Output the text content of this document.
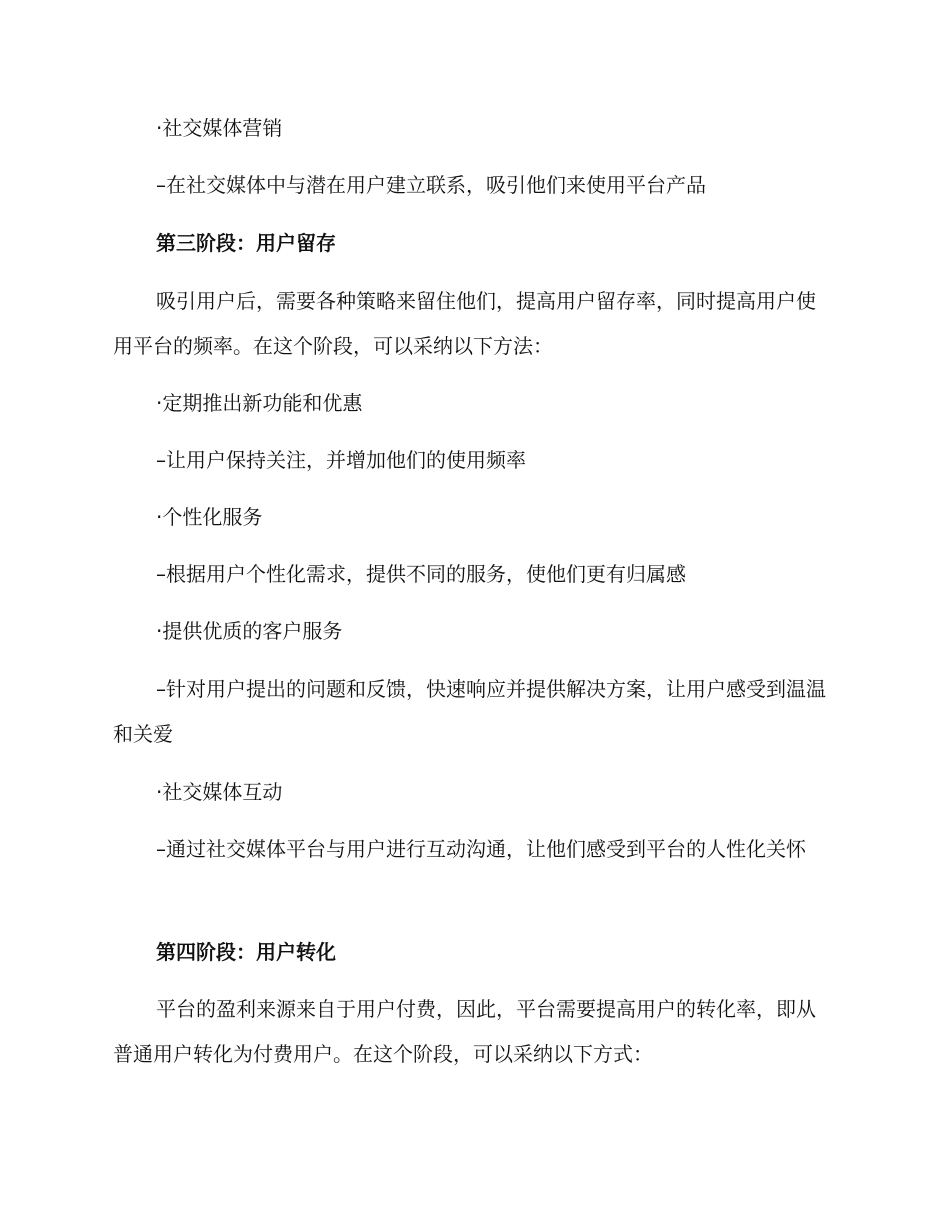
·社交媒体营销

–在社交媒体中与潜在用户建立联系，吸引他们来使用平台产品

第三阶段：用户留存

吸引用户后，需要各种策略来留住他们，提高用户留存率，同时提高用户使用平台的频率。在这个阶段，可以采纳以下方法：

·定期推出新功能和优惠

–让用户保持关注，并增加他们的使用频率

·个性化服务

–根据用户个性化需求，提供不同的服务，使他们更有归属感

·提供优质的客户服务

–针对用户提出的问题和反馈，快速响应并提供解决方案，让用户感受到温温和关爱

·社交媒体互动

–通过社交媒体平台与用户进行互动沟通，让他们感受到平台的人性化关怀

第四阶段：用户转化

平台的盈利来源来自于用户付费，因此，平台需要提高用户的转化率，即从普通用户转化为付费用户。在这个阶段，可以采纳以下方式：
